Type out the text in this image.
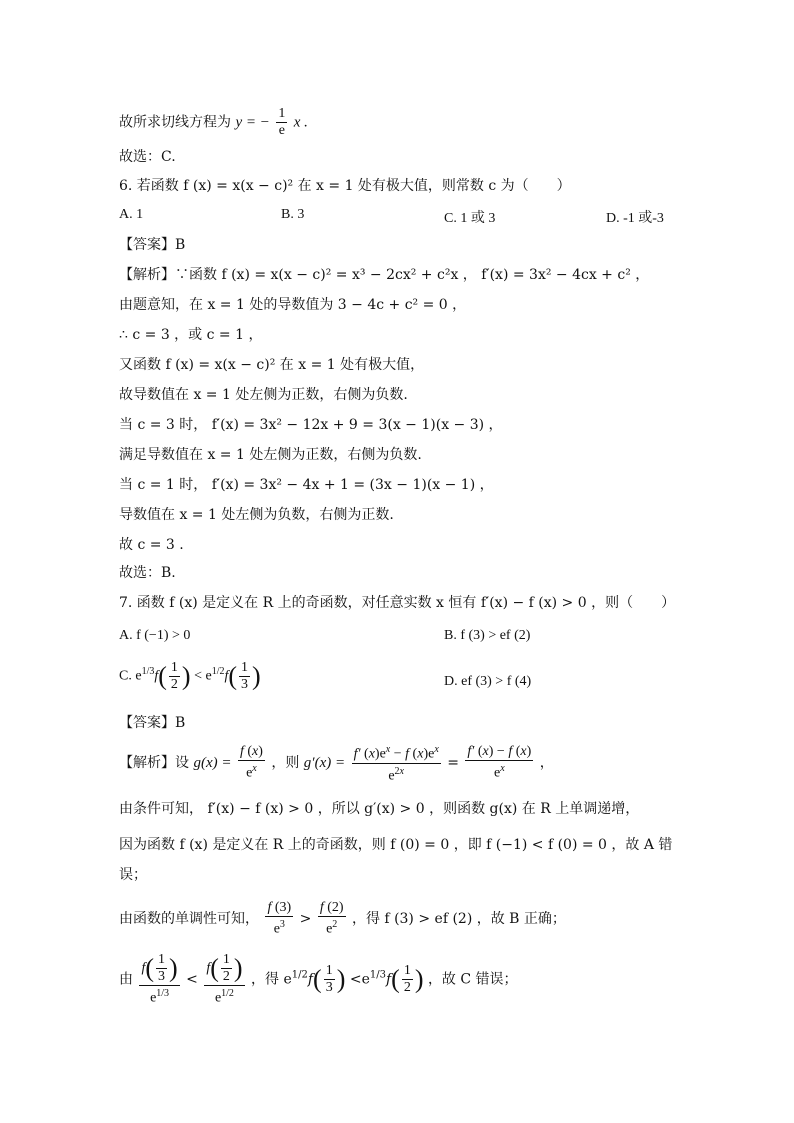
故所求切线方程为 y = − $\frac{1}{e}$ x .
故选：C.
6. 若函数 f (x) = x(x − c)² 在 x = 1 处有极大值，则常数 c 为（　　）
A. 1	B. 3	C. 1 或 3	D. -1 或-3
【答案】B
【解析】∵函数 f (x) = x(x − c)² = x³ − 2cx² + c²x ， f′(x) = 3x² − 4cx + c² ，
由题意知，在 x = 1 处的导数值为 3 − 4c + c² = 0 ，
∴ c = 3 ，或 c = 1 ，
又函数 f (x) = x(x − c)² 在 x = 1 处有极大值，
故导数值在 x = 1 处左侧为正数，右侧为负数.
当 c = 3 时， f′(x) = 3x² − 12x + 9 = 3(x − 1)(x − 3) ，
满足导数值在 x = 1 处左侧为正数，右侧为负数.
当 c = 1 时， f′(x) = 3x² − 4x + 1 = (3x − 1)(x − 1) ，
导数值在 x = 1 处左侧为负数，右侧为正数.
故 c = 3 .
故选：B.
7. 函数 f (x) 是定义在 R 上的奇函数，对任意实数 x 恒有 f′(x) − f (x) > 0 ，则（　　）
A. f (−1) > 0	B. f (3) > ef (2)
C. $e^{1/3}f( \frac{1}{2}$ ) < $e^{1/2}f( \frac{1}{3}$ )	D. ef (3) > f (4)
【答案】B
【解析】设 $g(x) = \frac{f (x)}{e^x}$ ，则 $g'(x) = \frac{f' (x)e^x - f (x)e^x}{e^{2x}} = \frac{f' (x) - f (x)}{e^x}$ ，
由条件可知， f′(x) − f (x) > 0 ，所以 g′(x) > 0 ，则函数 g(x) 在 R 上单调递增，
因为函数 f (x) 是定义在 R 上的奇函数，则 f (0) = 0 ，即 f (−1) < f (0) = 0 ，故 A 错
误；
由函数的单调性可知， $\frac{f (3)}{e^3} > \frac{f (2)}{e^2}$ ，得 f (3) > ef (2) ，故 B 正确；
由 $\frac{f( \frac{1}{3} )}{e^{1/3}} < \frac{f( \frac{1}{2} )}{e^{1/2}}$ ，得 $e^{1/2}f( \frac{1}{3}$ ) $<e^{1/3}f( \frac{1}{2}$ ) ，故 C 错误；
